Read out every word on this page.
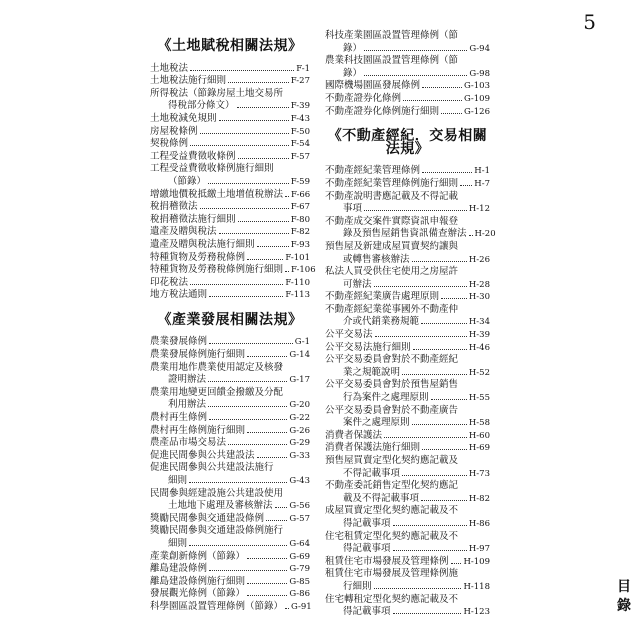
5
目
錄
《土地賦稅相關法規》
土地稅法	F-1
土地稅法施行細則	F-27
所得稅法（節錄房屋土地交易所
得稅部分條文）	F-39
土地稅減免規則	F-43
房屋稅條例	F-50
契稅條例	F-54
工程受益費徵收條例	F-57
工程受益費徵收條例施行細則
（節錄）	F-59
增繳地價稅抵繳土地增值稅辦法 F-66
稅捐稽徵法	F-67
稅捐稽徵法施行細則	F-80
遺產及贈與稅法	F-82
遺產及贈與稅法施行細則	F-93
特種貨物及勞務稅條例	F-101
特種貨物及勞務稅條例施行細則 F-106
印花稅法	F-110
地方稅法通則	F-113
《產業發展相關法規》
農業發展條例	G-1
農業發展條例施行細則	G-14
農業用地作農業使用認定及核發
證明辦法	G-17
農業用地變更回饋金撥繳及分配
利用辦法	G-20
農村再生條例	G-22
農村再生條例施行細則	G-26
農產品市場交易法	G-29
促進民間參與公共建設法	G-33
促進民間參與公共建設法施行
細則	G-43
民間參與經建設施公共建設使用
土地地下處理及審核辦法 G-56
獎勵民間參與交通建設條例	G-57
獎勵民間參與交通建設條例施行
細則	G-64
產業創新條例（節錄）	G-69
離島建設條例	G-79
離島建設條例施行細則	G-85
發展觀光條例（節錄）	G-86
科學園區設置管理條例（節錄） G-91
科技產業園區設置管理條例（節
錄）	G-94
農業科技園區設置管理條例（節
錄）	G-98
國際機場園區發展條例	G-103
不動產證券化條例	G-109
不動產證券化條例施行細則	G-126
《不動產經紀．交易相關法規》
不動產經紀業管理條例	H-1
不動產經紀業管理條例施行細則 H-7
不動產說明書應記載及不得記載
事項	H-12
不動產成交案件實際資訊申報登
錄及預售屋銷售資訊備查辦法 H-20
預售屋及新建成屋買賣契約讓與
或轉售審核辦法	H-26
私法人買受供住宅使用之房屋許
可辦法	H-28
不動產經紀業廣告處理原則	H-30
不動產經紀業從事國外不動產仲
介或代銷業務規範	H-34
公平交易法	H-39
公平交易法施行細則	H-46
公平交易委員會對於不動產經紀
業之規範說明	H-52
公平交易委員會對於預售屋銷售
行為案件之處理原則	H-55
公平交易委員會對於不動產廣告
案件之處理原則	H-58
消費者保護法	H-60
消費者保護法施行細則	H-69
預售屋買賣定型化契約應記載及
不得記載事項	H-73
不動產委託銷售定型化契約應記
載及不得記載事項	H-82
成屋買賣定型化契約應記載及不
得記載事項	H-86
住宅租賃定型化契約應記載及不
得記載事項	H-97
租賃住宅市場發展及管理條例 H-109
租賃住宅市場發展及管理條例施
行細則	H-118
住宅轉租定型化契約應記載及不
得記載事項	H-123
